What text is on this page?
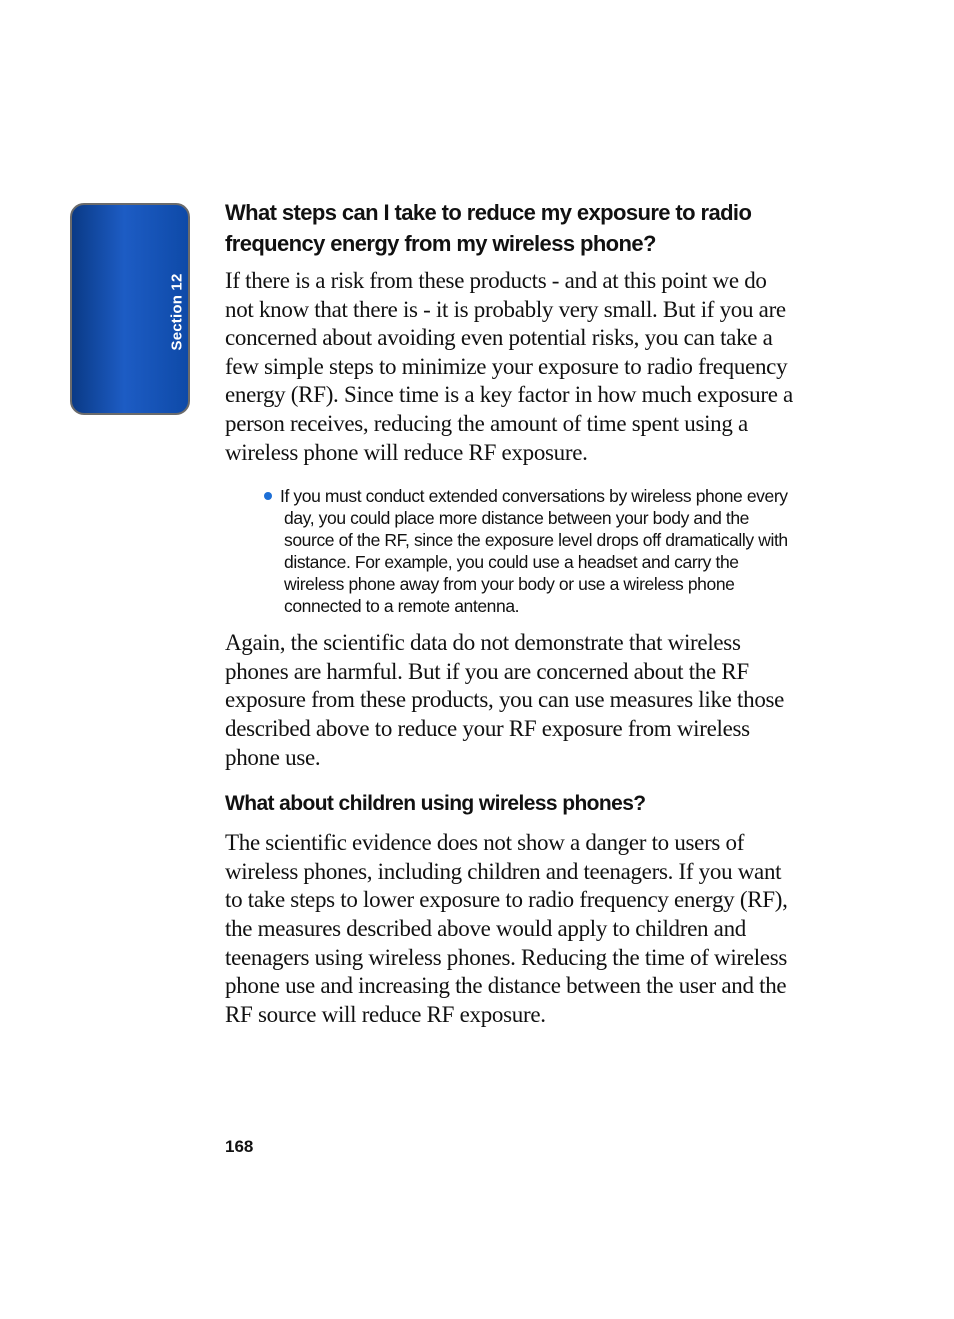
Section 12
What steps can I take to reduce my exposure to radio frequency energy from my wireless phone?

If there is a risk from these products - and at this point we do not know that there is - it is probably very small. But if you are concerned about avoiding even potential risks, you can take a few simple steps to minimize your exposure to radio frequency energy (RF). Since time is a key factor in how much exposure a person receives, reducing the amount of time spent using a wireless phone will reduce RF exposure.

If you must conduct extended conversations by wireless phone every day, you could place more distance between your body and the source of the RF, since the exposure level drops off dramatically with distance. For example, you could use a headset and carry the wireless phone away from your body or use a wireless phone connected to a remote antenna.

Again, the scientific data do not demonstrate that wireless phones are harmful. But if you are concerned about the RF exposure from these products, you can use measures like those described above to reduce your RF exposure from wireless phone use.

What about children using wireless phones?

The scientific evidence does not show a danger to users of wireless phones, including children and teenagers. If you want to take steps to lower exposure to radio frequency energy (RF), the measures described above would apply to children and teenagers using wireless phones. Reducing the time of wireless phone use and increasing the distance between the user and the RF source will reduce RF exposure.

168
